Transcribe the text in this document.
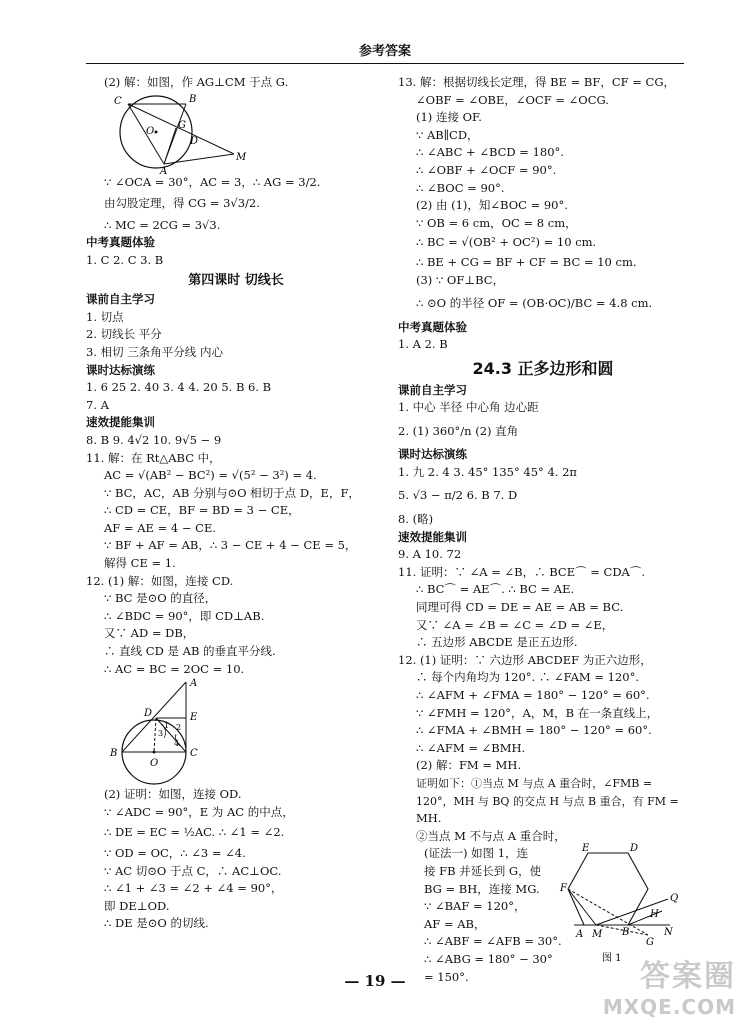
参考答案
(2) 解：如图，作 AG⊥CM 于点 G.
C	B
O
G
D
M
A
∵ ∠OCA = 30°，AC = 3，∴ AG = 3/2.
由勾股定理，得 CG = 3√3/2.
∴ MC = 2CG = 3√3.
中考真题体验
1. C 2. C 3. B
第四课时 切线长
课前自主学习
1. 切点
2. 切线长 平分
3. 相切 三条角平分线 内心
课时达标演练
1. 6 25 2. 40 3. 4 4. 20 5. B 6. B
7. A
速效提能集训
8. B 9. 4√2 10. 9√5 − 9
11. 解：在 Rt△ABC 中，
AC = √(AB² − BC²) = √(5² − 3²) = 4.
∵ BC，AC，AB 分别与⊙O 相切于点 D，E，F，
∴ CD = CE，BF = BD = 3 − CE，
AF = AE = 4 − CE.
∵ BF + AF = AB，∴ 3 − CE + 4 − CE = 5，
解得 CE = 1.
12. (1) 解：如图，连接 CD.
∵ BC 是⊙O 的直径，
∴ ∠BDC = 90°，即 CD⊥AB.
又∵ AD = DB，
∴ 直线 CD 是 AB 的垂直平分线.
∴ AC = BC = 2OC = 10.
A
D	E
B
O
C
1 2
3
4
(2) 证明：如图，连接 OD.
∵ ∠ADC = 90°，E 为 AC 的中点，
∴ DE = EC = ½AC. ∴ ∠1 = ∠2.
∵ OD = OC，∴ ∠3 = ∠4.
∵ AC 切⊙O 于点 C，∴ AC⊥OC.
∴ ∠1 + ∠3 = ∠2 + ∠4 = 90°，
即 DE⊥OD.
∴ DE 是⊙O 的切线.
13. 解：根据切线长定理，得 BE = BF，CF = CG，
∠OBF = ∠OBE，∠OCF = ∠OCG.
(1) 连接 OF.
∵ AB∥CD，
∴ ∠ABC + ∠BCD = 180°.
∴ ∠OBF + ∠OCF = 90°.
∴ ∠BOC = 90°.
(2) 由 (1)，知∠BOC = 90°.
∵ OB = 6 cm，OC = 8 cm，
∴ BC = √(OB² + OC²) = 10 cm.
∴ BE + CG = BF + CF = BC = 10 cm.
(3) ∵ OF⊥BC，
∴ ⊙O 的半径 OF = (OB·OC)/BC = 4.8 cm.
中考真题体验
1. A 2. B
24.3 正多边形和圆
课前自主学习
1. 中心 半径 中心角 边心距
2. (1) 360°/n (2) 直角
课时达标演练
1. 九 2. 4 3. 45° 135° 45° 4. 2π
5. √3 − π/2 6. B 7. D
8. (略)
速效提能集训
9. A 10. 72
11. 证明：∵ ∠A = ∠B，∴ BCE⌒ = CDA⌒.
∴ BC⌒ = AE⌒. ∴ BC = AE.
同理可得 CD = DE = AE = AB = BC.
又∵ ∠A = ∠B = ∠C = ∠D = ∠E，
∴ 五边形 ABCDE 是正五边形.
12. (1) 证明：∵ 六边形 ABCDEF 为正六边形，
∴ 每个内角均为 120°. ∴ ∠FAM = 120°.
∴ ∠AFM + ∠FMA = 180° − 120° = 60°.
∵ ∠FMH = 120°，A，M，B 在一条直线上，
∴ ∠FMA + ∠BMH = 180° − 120° = 60°.
∴ ∠AFM = ∠BMH.
(2) 解：FM = MH.
证明如下：①当点 M 与点 A 重合时，∠FMB =
120°，MH 与 BQ 的交点 H 与点 B 重合，有 FM =
MH.
②当点 M 不与点 A 重合时，
(证法一) 如图 1，连
接 FB 并延长到 G，使
BG = BH，连接 MG.
∵ ∠BAF = 120°，
AF = AB，
∴ ∠ABF = ∠AFB = 30°.
∴ ∠ABG = 180° − 30°
= 150°.
E	D
F
Q
H
A M B	N
G
图 1
— 19 —	答案圈
MXQE.COM
